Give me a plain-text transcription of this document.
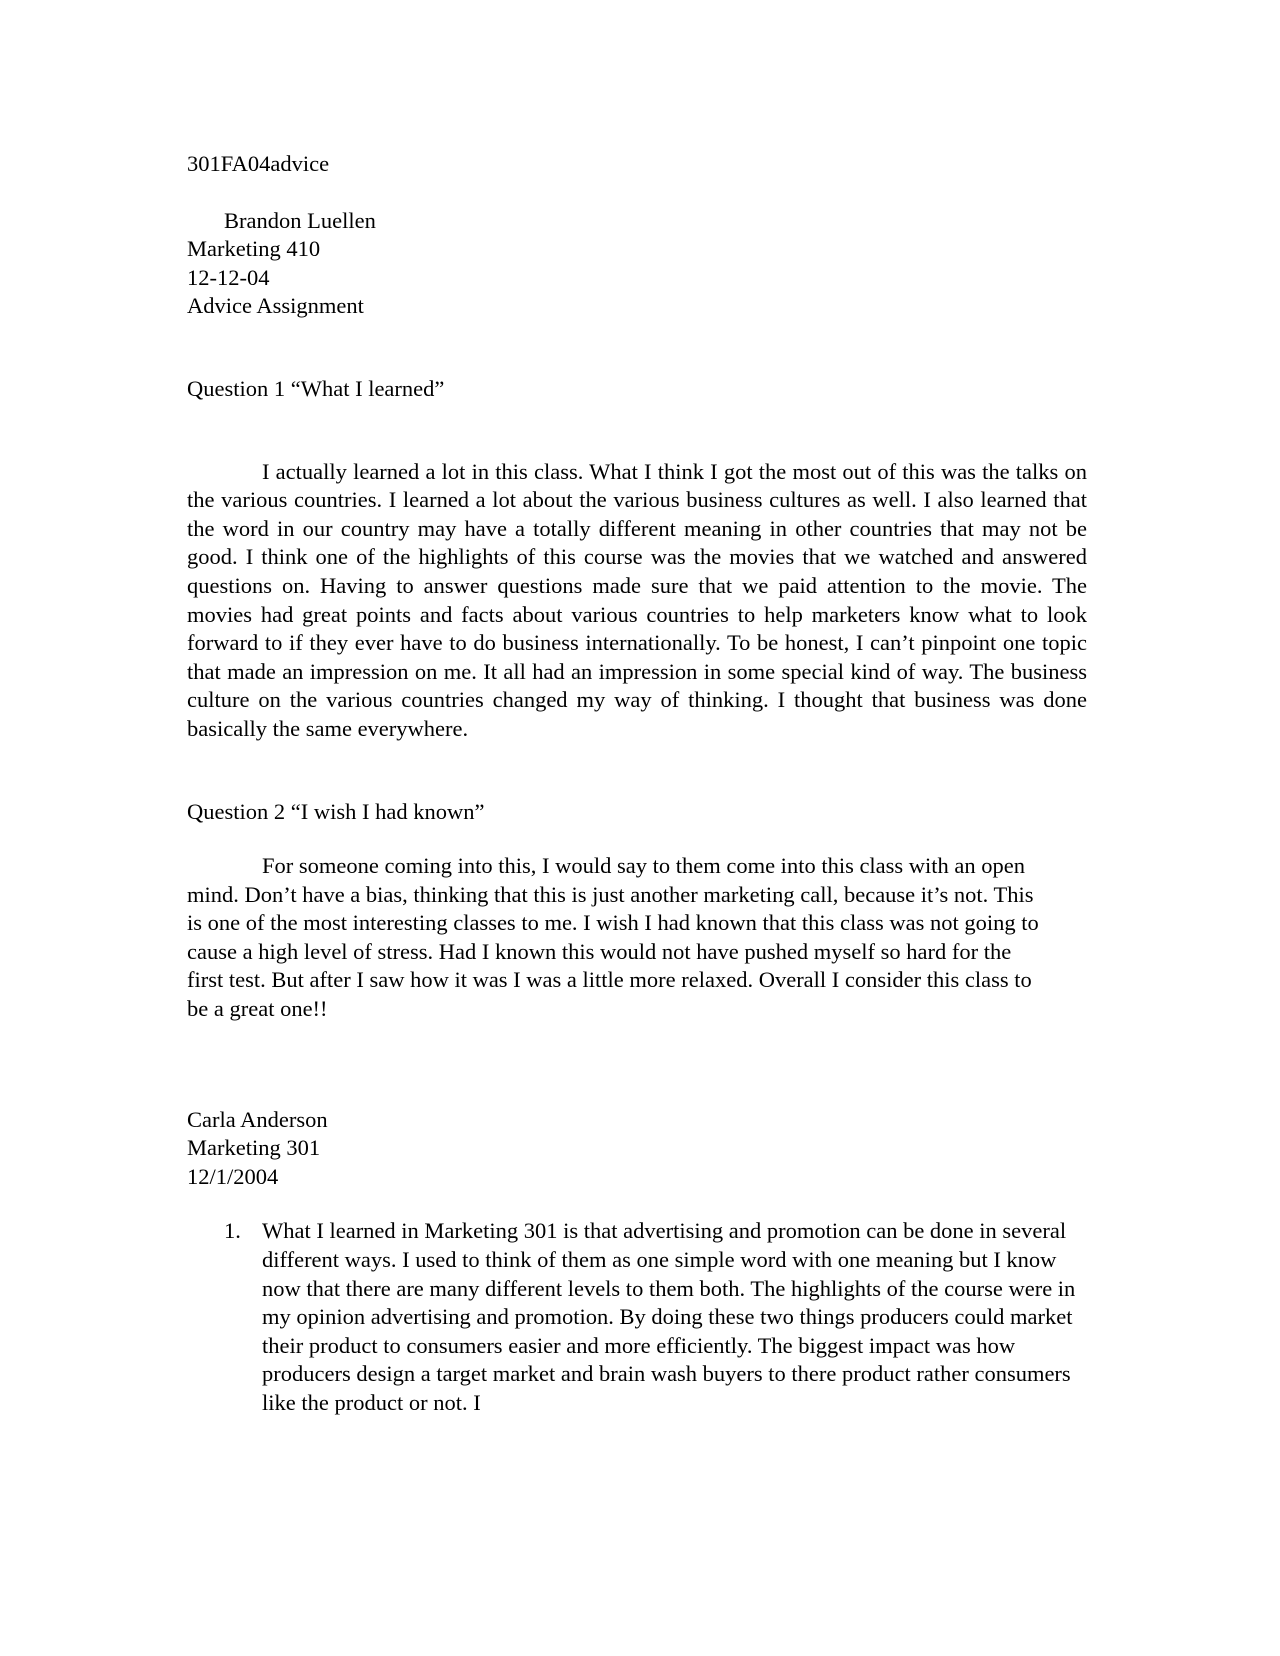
301FA04advice
Brandon Luellen
Marketing 410
12-12-04
Advice Assignment
Question 1 “What I learned”

I actually learned a lot in this class. What I think I got the most out of this was the talks on the various countries. I learned a lot about the various business cultures as well. I also learned that the word in our country may have a totally different meaning in other countries that may not be good. I think one of the highlights of this course was the movies that we watched and answered questions on. Having to answer questions made sure that we paid attention to the movie. The movies had great points and facts about various countries to help marketers know what to look forward to if they ever have to do business internationally. To be honest, I can’t pinpoint one topic that made an impression on me. It all had an impression in some special kind of way. The business culture on the various countries changed my way of thinking. I thought that business was done basically the same everywhere.

Question 2 “I wish I had known”

For someone coming into this, I would say to them come into this class with an open mind. Don’t have a bias, thinking that this is just another marketing call, because it’s not. This is one of the most interesting classes to me. I wish I had known that this class was not going to cause a high level of stress. Had I known this would not have pushed myself so hard for the first test. But after I saw how it was I was a little more relaxed. Overall I consider this class to be a great one!!

Carla Anderson
Marketing 301
12/1/2004
1. What I learned in Marketing 301 is that advertising and promotion can be done in several different ways. I used to think of them as one simple word with one meaning but I know now that there are many different levels to them both. The highlights of the course were in my opinion advertising and promotion. By doing these two things producers could market their product to consumers easier and more efficiently. The biggest impact was how producers design a target market and brain wash buyers to there product rather consumers like the product or not. I
